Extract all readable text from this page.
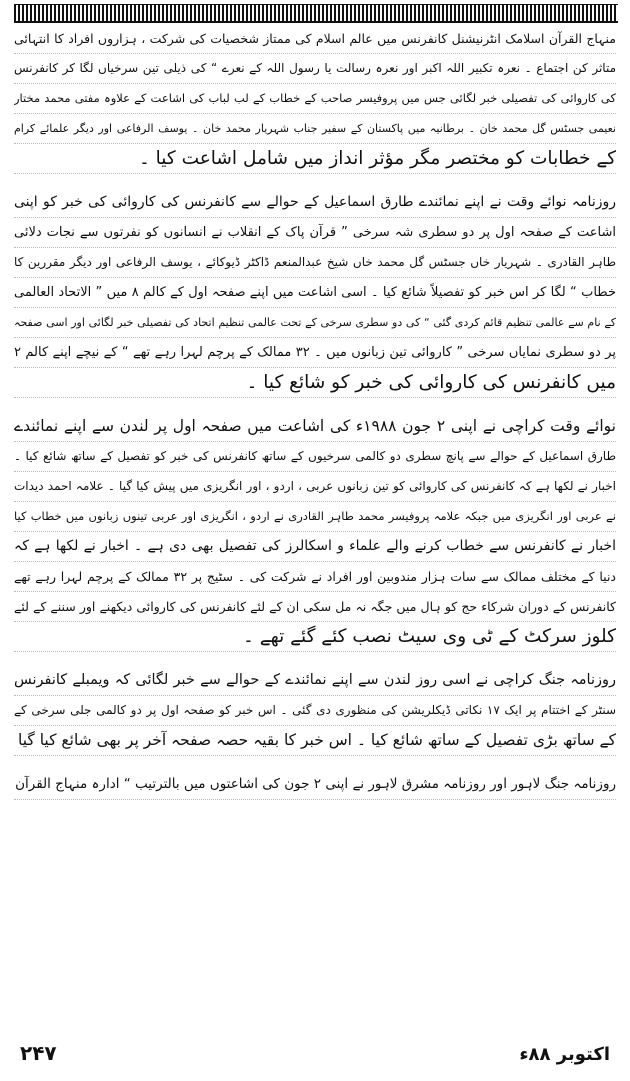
منہاج القرآن اسلامک انٹرنیشنل کانفرنس میں عالم اسلام کی ممتاز شخصیات کی شرکت ، ہزاروں افراد کا انتہائی
متاثر کن اجتماع ۔ نعرہ تکبیر اللہ اکبر اور نعرہ رسالت یا رسول اللہ کے نعرے “ کی ذیلی تین سرخیاں لگا کر کانفرنس
کی کاروائی کی تفصیلی خبر لگائی جس میں پروفیسر صاحب کے خطاب کے لب لباب کی اشاعت کے علاوہ مفتی محمد مختار
نعیمی جسٹس گل محمد خان ۔ برطانیہ میں پاکستان کے سفیر جناب شہریار محمد خان ۔ یوسف الرفاعی اور دیگر علمائے کرام
کے خطابات کو مختصر مگر مؤثر انداز میں شامل اشاعت کیا ۔
روزنامہ نوائے وقت نے اپنے نمائندے طارق اسماعیل کے حوالے سے کانفرنس کی کاروائی کی خبر کو اپنی
اشاعت کے صفحہ اول پر دو سطری شہ سرخی ” قرآن پاک کے انقلاب نے انسانوں کو نفرتوں سے نجات دلائی
طاہر القادری ۔ شہریار خاں جسٹس گل محمد خاں شیخ عبدالمنعم ڈاکٹر ڈیوکائے ، یوسف الرفاعی اور دیگر مقررین کا
خطاب “ لگا کر اس خبر کو تفصیلاً شائع کیا ۔ اسی اشاعت میں اپنے صفحہ اول کے کالم ۸ میں ” الاتحاد العالمی
کے نام سے عالمی تنظیم قائم کردی گئی “ کی دو سطری سرخی کے تحت عالمی تنظیم اتحاد کی تفصیلی خبر لگائی اور اسی صفحہ
پر دو سطری نمایاں سرخی ” کاروائی تین زبانوں میں ۔ ۳۲ ممالک کے پرچم لہرا رہے تھے “ کے نیچے اپنے کالم ۲
میں کانفرنس کی کاروائی کی خبر کو شائع کیا ۔
نوائے وقت کراچی نے اپنی ۲ جون ۱۹۸۸ء کی اشاعت میں صفحہ اول پر لندن سے اپنے نمائندے
طارق اسماعیل کے حوالے سے پانچ سطری دو کالمی سرخیوں کے ساتھ کانفرنس کی خبر کو تفصیل کے ساتھ شائع کیا ۔
اخبار نے لکھا ہے کہ کانفرنس کی کاروائی کو تین زبانوں عربی ، اردو ، اور انگریزی میں پیش کیا گیا ۔ علامہ احمد دیدات
نے عربی اور انگریزی میں جبکہ علامہ پروفیسر محمد طاہر القادری نے اردو ، انگریزی اور عربی تینوں زبانوں میں خطاب کیا
اخبار نے کانفرنس سے خطاب کرنے والے علماء و اسکالرز کی تفصیل بھی دی ہے ۔ اخبار نے لکھا ہے کہ
دنیا کے مختلف ممالک سے سات ہزار مندوبین اور افراد نے شرکت کی ۔ سٹیج پر ۳۲ ممالک کے پرچم لہرا رہے تھے
کانفرنس کے دوران شرکاء حج کو ہال میں جگہ نہ مل سکی ان کے لئے کانفرنس کی کاروائی دیکھنے اور سننے کے لئے
کلوز سرکٹ کے ٹی وی سیٹ نصب کئے گئے تھے ۔
روزنامہ جنگ کراچی نے اسی روز لندن سے اپنے نمائندے کے حوالے سے خبر لگائی کہ ویمبلے کانفرنس
سنٹر کے اختتام پر ایک ۱۷ نکاتی ڈیکلریشن کی منظوری دی گئی ۔ اس خبر کو صفحہ اول پر دو کالمی جلی سرخی کے
کے ساتھ بڑی تفصیل کے ساتھ شائع کیا ۔ اس خبر کا بقیہ حصہ صفحہ آخر پر بھی شائع کیا گیا
روزنامہ جنگ لاہور اور روزنامہ مشرق لاہور نے اپنی ۲ جون کی اشاعتوں میں بالترتیب “ ادارہ منہاج القرآن
۲۴۷	اکتوبر ۸۸ء
